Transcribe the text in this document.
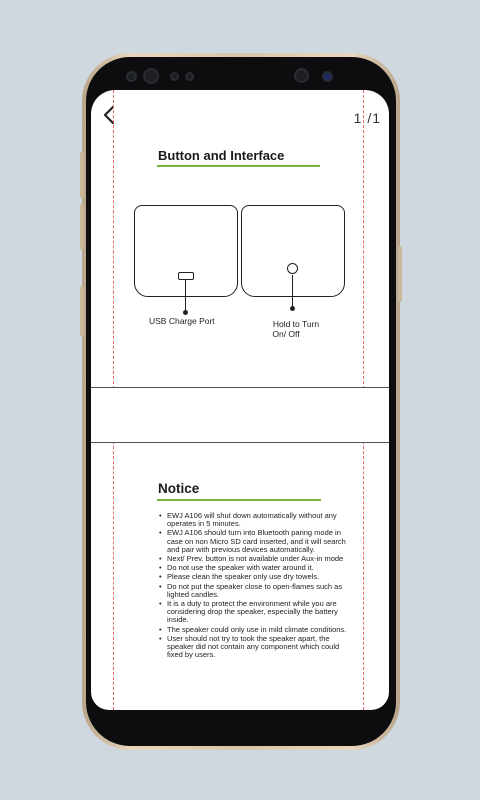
1 /1
Button and Interface
USB Charge Port	Hold to Turn
On/ Off
Notice
• EWJ A106 will shut down automatically without any operates in 5 minutes.
• EWJ A106 should turn into Bluetooth paring mode in case on non Micro SD card inserted, and it will search and pair with previous devices automatically.
• Next/ Prev. button is not available under Aux-in mode
• Do not use the speaker with water around it.
• Please clean the speaker only use dry towels.
• Do not put the speaker close to open-flames such as lighted candles.
• It is a duty to protect the environment while you are considering drop the speaker, especially the battery inside.
• The speaker could only use in mild climate conditions.
• User should not try to took the speaker apart, the speaker did not contain any component which could fixed by users.
